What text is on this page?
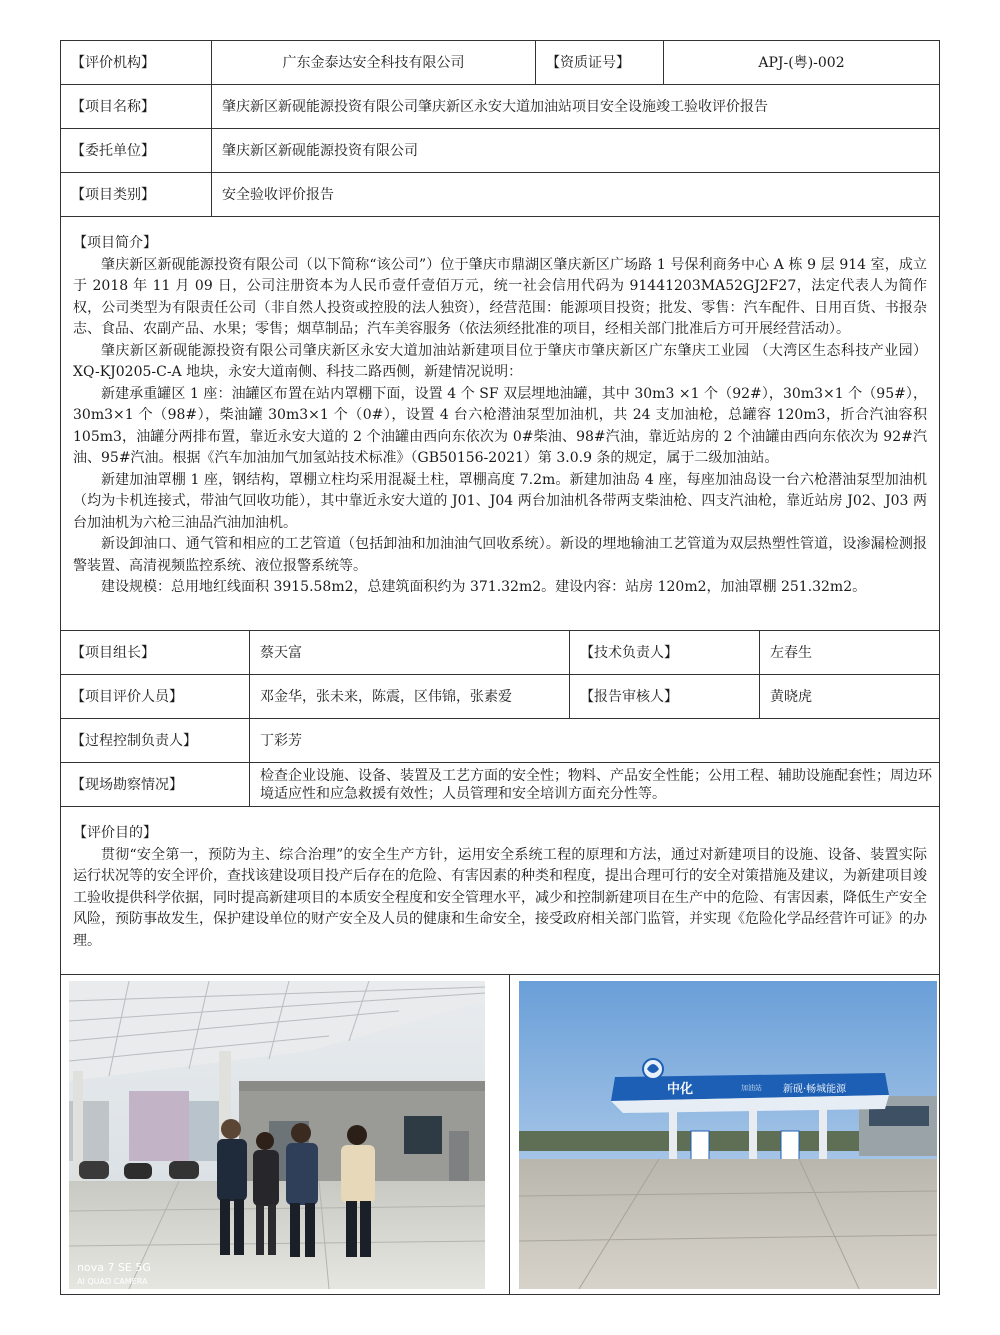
【评价机构】	广东金泰达安全科技有限公司	【资质证号】	APJ-(粤)-002
【项目名称】	肇庆新区新砚能源投资有限公司肇庆新区永安大道加油站项目安全设施竣工验收评价报告
【委托单位】	肇庆新区新砚能源投资有限公司
【项目类别】	安全验收评价报告
【项目简介】

肇庆新区新砚能源投资有限公司（以下简称“该公司”）位于肇庆市鼎湖区肇庆新区广场路 1 号保利商务中心 A 栋 9 层 914 室，成立于 2018 年 11 月 09 日，公司注册资本为人民币壹仟壹佰万元，统一社会信用代码为 91441203MA52GJ2F27，法定代表人为简作权，公司类型为有限责任公司（非自然人投资或控股的法人独资），经营范围：能源项目投资；批发、零售：汽车配件、日用百货、书报杂志、食品、农副产品、水果；零售；烟草制品；汽车美容服务（依法须经批准的项目，经相关部门批准后方可开展经营活动）。

肇庆新区新砚能源投资有限公司肇庆新区永安大道加油站新建项目位于肇庆市肇庆新区广东肇庆工业园 （大湾区生态科技产业园）XQ-KJ0205-C-A 地块，永安大道南侧、科技二路西侧，新建情况说明：

新建承重罐区 1 座：油罐区布置在站内罩棚下面，设置 4 个 SF 双层埋地油罐，其中 30m3 ×1 个（92#），30m3×1 个（95#），30m3×1 个（98#），柴油罐 30m3×1 个（0#），设置 4 台六枪潜油泵型加油机，共 24 支加油枪，总罐容 120m3，折合汽油容积 105m3，油罐分两排布置，靠近永安大道的 2 个油罐由西向东依次为 0#柴油、98#汽油，靠近站房的 2 个油罐由西向东依次为 92#汽油、95#汽油。根据《汽车加油加气加氢站技术标准》（GB50156-2021）第 3.0.9 条的规定，属于二级加油站。

新建加油罩棚 1 座，钢结构，罩棚立柱均采用混凝土柱，罩棚高度 7.2m。新建加油岛 4 座，每座加油岛设一台六枪潜油泵型加油机（均为卡机连接式，带油气回收功能），其中靠近永安大道的 J01、J04 两台加油机各带两支柴油枪、四支汽油枪，靠近站房 J02、J03 两台加油机为六枪三油品汽油加油机。

新设卸油口、通气管和相应的工艺管道（包括卸油和加油油气回收系统）。新设的埋地输油工艺管道为双层热塑性管道，设渗漏检测报警装置、高清视频监控系统、液位报警系统等。

建设规模：总用地红线面积 3915.58m2，总建筑面积约为 371.32m2。建设内容：站房 120m2，加油罩棚 251.32m2。

【项目组长】	蔡天富	【技术负责人】	左春生
【项目评价人员】	邓金华，张未来，陈震，区伟锦，张素爱	【报告审核人】	黄晓虎
【过程控制负责人】	丁彩芳
【现场勘察情况】
检查企业设施、设备、装置及工艺方面的安全性；物料、产品安全性能；公用工程、辅助设施配套性；周边环境适应性和应急救援有效性；人员管理和安全培训方面充分性等。
【评价目的】

贯彻“安全第一，预防为主、综合治理”的安全生产方针，运用安全系统工程的原理和方法，通过对新建项目的设施、设备、装置实际运行状况等的安全评价，查找该建设项目投产后存在的危险、有害因素的种类和程度，提出合理可行的安全对策措施及建议，为新建项目竣工验收提供科学依据，同时提高新建项目的本质安全程度和安全管理水平，减少和控制新建项目在生产中的危险、有害因素，降低生产安全风险，预防事故发生，保护建设单位的财产安全及人员的健康和生命安全，接受政府相关部门监管，并实现《危险化学品经营许可证》的办理。

nova 7 SE 5G
AI QUAD CAMERA
中化	加油站 新砚·畅城能源
